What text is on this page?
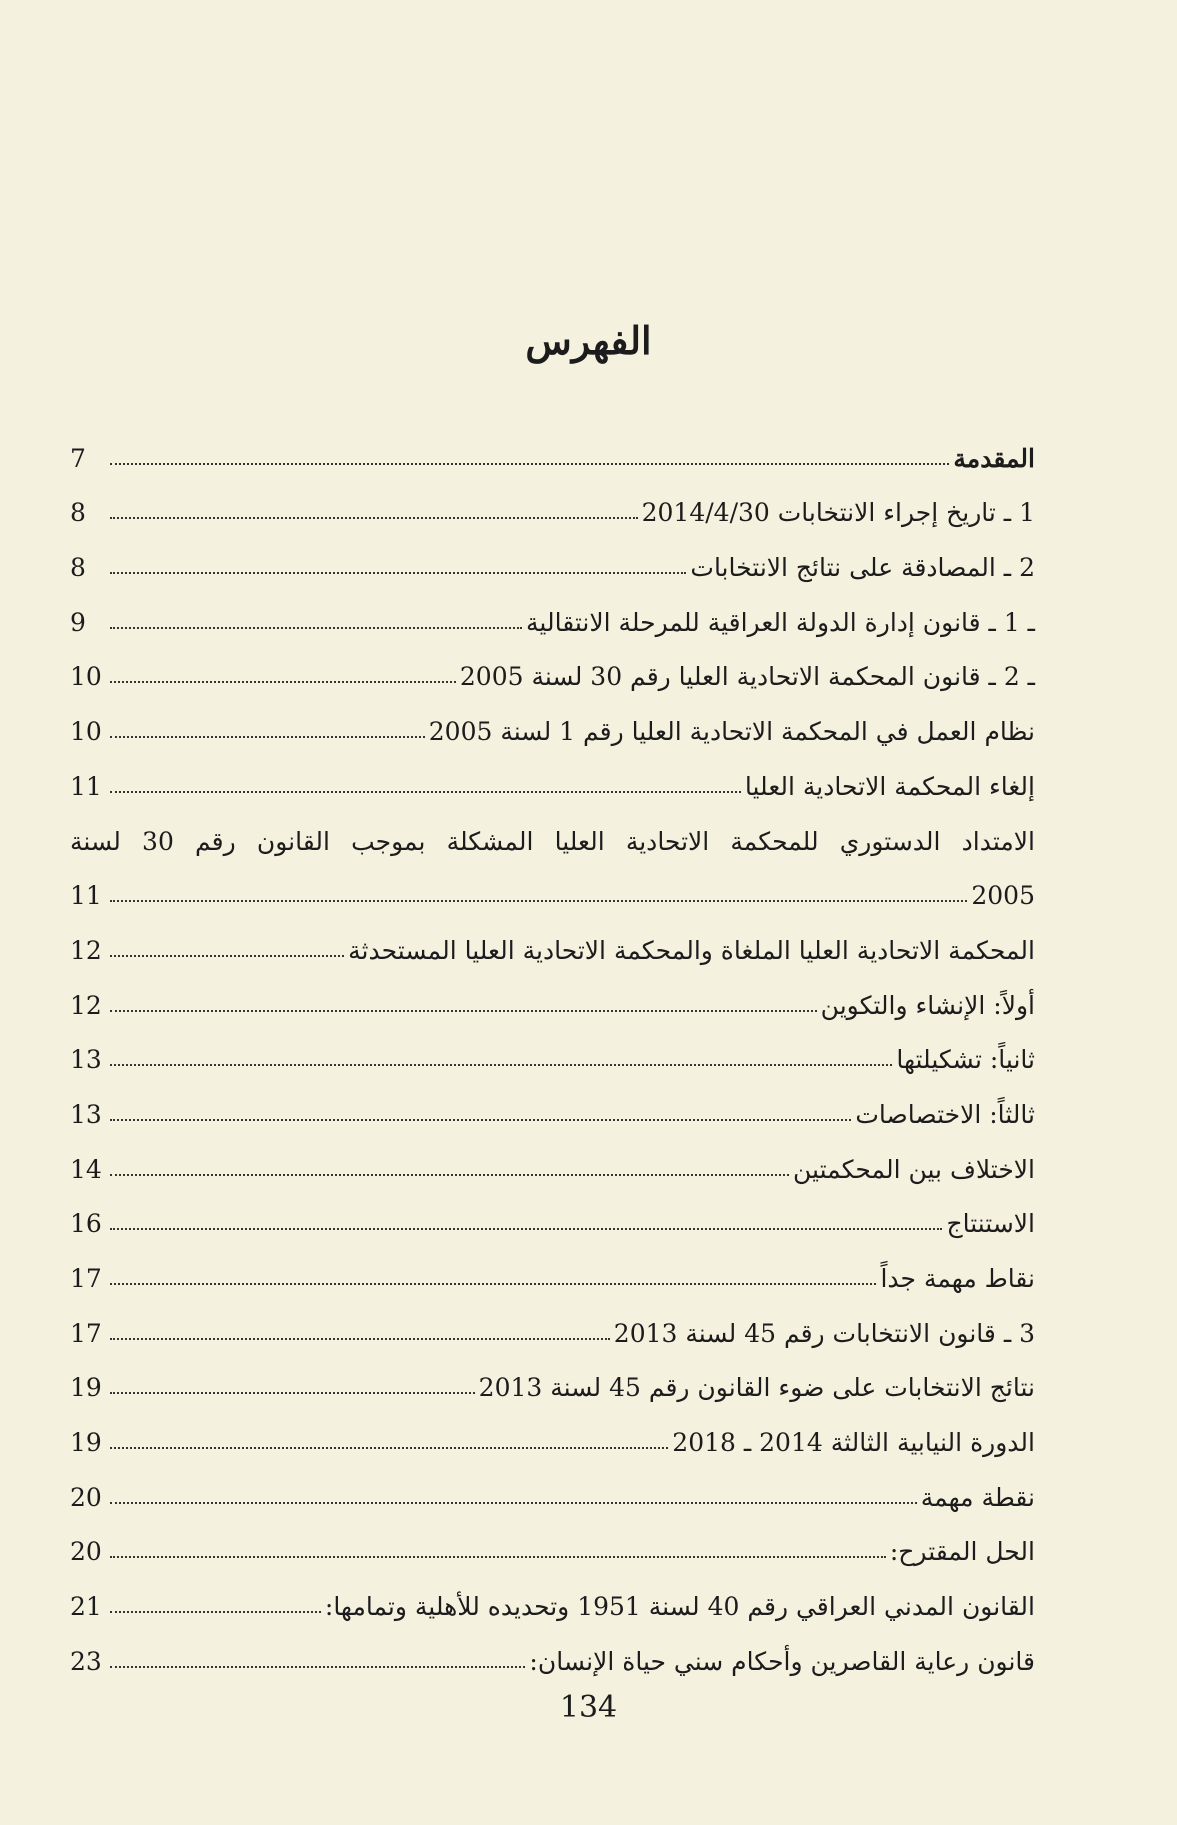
الفهرس
المقدمة
7
1 ـ تاريخ إجراء الانتخابات 2014/4/30
8
2 ـ المصادقة على نتائج الانتخابات
8
ـ 1 ـ قانون إدارة الدولة العراقية للمرحلة الانتقالية
9
ـ 2 ـ قانون المحكمة الاتحادية العليا رقم 30 لسنة 2005
10
نظام العمل في المحكمة الاتحادية العليا رقم 1 لسنة 2005
10
إلغاء المحكمة الاتحادية العليا
11
الامتداد الدستوري للمحكمة الاتحادية العليا المشكلة بموجب القانون رقم 30 لسنة
2005
11
المحكمة الاتحادية العليا الملغاة والمحكمة الاتحادية العليا المستحدثة
12
أولاً: الإنشاء والتكوين
12
ثانياً: تشكيلتها
13
ثالثاً: الاختصاصات
13
الاختلاف بين المحكمتين
14
الاستنتاج
16
نقاط مهمة جداً
17
3 ـ قانون الانتخابات رقم 45 لسنة 2013
17
نتائج الانتخابات على ضوء القانون رقم 45 لسنة 2013
19
الدورة النيابية الثالثة 2014 ـ 2018
19
نقطة مهمة
20
الحل المقترح:
20
القانون المدني العراقي رقم 40 لسنة 1951 وتحديده للأهلية وتمامها:
21
قانون رعاية القاصرين وأحكام سني حياة الإنسان:
23
134
